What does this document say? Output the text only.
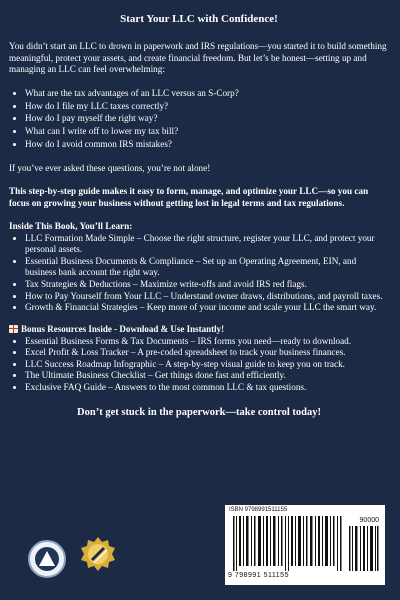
Start Your LLC with Confidence!

You didn’t start an LLC to drown in paperwork and IRS regulations—you started it to build something meaningful, protect your assets, and create financial freedom. But let’s be honest—setting up and managing an LLC can feel overwhelming:

• What are the tax advantages of an LLC versus an S-Corp?
• How do I file my LLC taxes correctly?
• How do I pay myself the right way?
• What can I write off to lower my tax bill?
• How do I avoid common IRS mistakes?

If you’ve ever asked these questions, you’re not alone!

This step-by-step guide makes it easy to form, manage, and optimize your LLC—so you can focus on growing your business without getting lost in legal terms and tax regulations.

Inside This Book, You’ll Learn:
• LLC Formation Made Simple – Choose the right structure, register your LLC, and protect your personal assets.
• Essential Business Documents & Compliance – Set up an Operating Agreement, EIN, and business bank account the right way.
• Tax Strategies & Deductions – Maximize write-offs and avoid IRS red flags.
• How to Pay Yourself from Your LLC – Understand owner draws, distributions, and payroll taxes.
• Growth & Financial Strategies – Keep more of your income and scale your LLC the smart way.
Bonus Resources Inside - Download & Use Instantly!
• Essential Business Forms & Tax Documents – IRS forms you need—ready to download.
• Excel Profit & Loss Tracker – A pre-coded spreadsheet to track your business finances.
• LLC Success Roadmap Infographic – A step-by-step visual guide to keep you on track.
• The Ultimate Business Checklist – Get things done fast and efficiently.
• Exclusive FAQ Guide – Answers to the most common LLC & tax questions.
Don’t get stuck in the paperwork—take control today!
ISBN 9798991511155
90000
9 798991 511155
